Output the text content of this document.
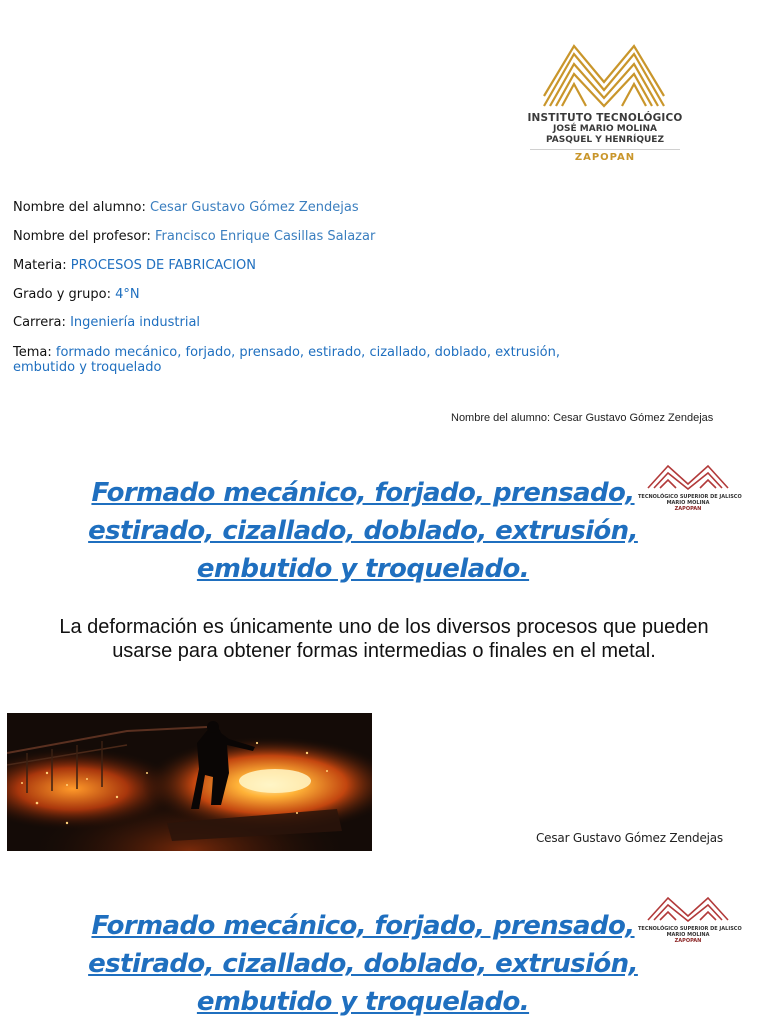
INSTITUTO TECNOLÓGICO
JOSÉ MARIO MOLINA
PASQUEL Y HENRÍQUEZ
ZAPOPAN
Nombre del alumno: Cesar Gustavo Gómez Zendejas
Nombre del profesor: Francisco Enrique Casillas Salazar
Materia: PROCESOS DE FABRICACION
Grado y grupo: 4°N
Carrera: Ingeniería industrial
Tema: formado mecánico, forjado, prensado, estirado, cizallado, doblado, extrusión,
embutido y troquelado
Nombre del alumno: Cesar Gustavo Gómez Zendejas
Formado mecánico, forjado, prensado,
estirado, cizallado, doblado, extrusión,
embutido y troquelado.
TECNOLÓGICO SUPERIOR DE JALISCO
MARIO MOLINA
ZAPOPAN
La deformación es únicamente uno de los diversos procesos que pueden
usarse para obtener formas intermedias o finales en el metal.
Cesar Gustavo Gómez Zendejas
Formado mecánico, forjado, prensado,
estirado, cizallado, doblado, extrusión,
embutido y troquelado.
TECNOLÓGICO SUPERIOR DE JALISCO
MARIO MOLINA
ZAPOPAN
